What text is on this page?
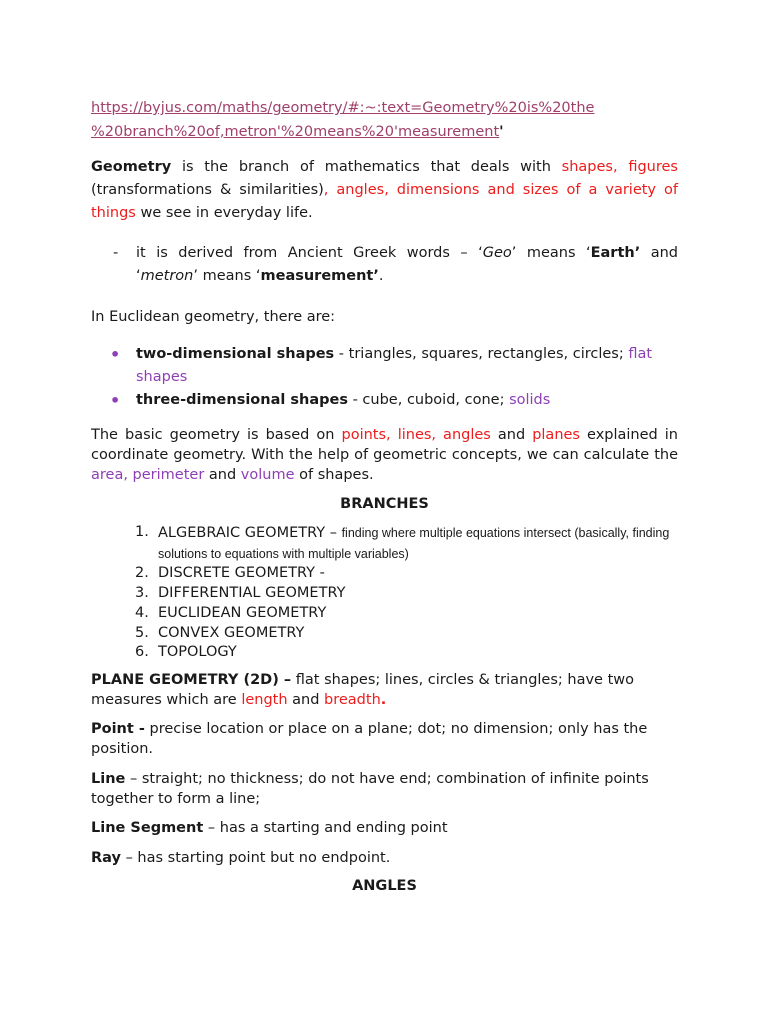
https://byjus.com/maths/geometry/#:~:text=Geometry%20is%20the
%20branch%20of,metron'%20means%20'measurement'

Geometry is the branch of mathematics that deals with shapes, figures (transformations & similarities), angles, dimensions and sizes of a variety of things we see in everyday life.

-	it is derived from Ancient Greek words – ‘Geo’ means ‘Earth’ and ‘metron’ means ‘measurement’.

In Euclidean geometry, there are:

•	two-dimensional shapes - triangles, squares, rectangles, circles; flat shapes
•	three-dimensional shapes - cube, cuboid, cone; solids

The basic geometry is based on points, lines, angles and planes explained in coordinate geometry. With the help of geometric concepts, we can calculate the area, perimeter and volume of shapes.

BRANCHES
1. ALGEBRAIC GEOMETRY – finding where multiple equations intersect (basically, finding solutions to equations with multiple variables)
2. DISCRETE GEOMETRY -
3. DIFFERENTIAL GEOMETRY
4. EUCLIDEAN GEOMETRY
5. CONVEX GEOMETRY
6. TOPOLOGY

PLANE GEOMETRY (2D) – flat shapes; lines, circles & triangles; have two measures which are length and breadth.

Point - precise location or place on a plane; dot; no dimension; only has the position.

Line – straight; no thickness; do not have end; combination of infinite points together to form a line;

Line Segment – has a starting and ending point

Ray – has starting point but no endpoint.

ANGLES
